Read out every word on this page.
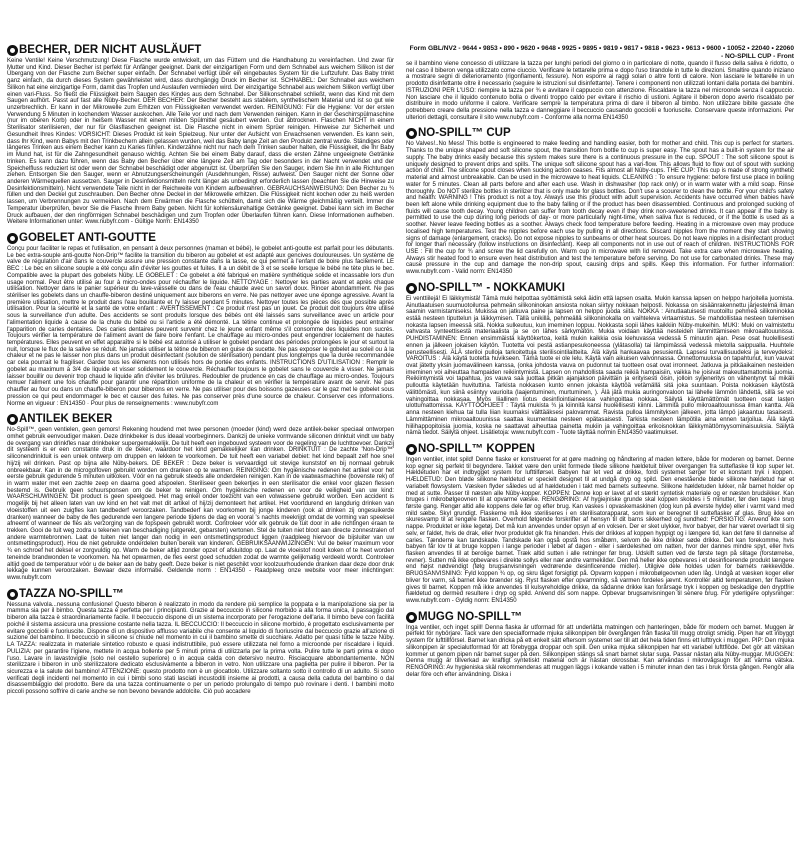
BECHER, DER NICHT AUSLÄUFT

Keine Ventile! Keine Verschmutzung! Diese Flasche wurde entwickelt, um das Füttern und die Handhabung zu vereinfachen. Und zwar für Mutter und Kind. Dieser Becher ist perfekt für Anfänger geeignet. Dank der einzigartigen Form und dem Schnabel aus weichem Silikon ist der Übergang von der Flasche zum Becher super einfach. Der Schnabel verfügt über ein eingebautes System für die Luftzufuhr. Das Baby trinkt ganz einfach, da durch dieses System gewährleistet wird, dass durchgängig Druck im Becher ist. SCHNABEL: Der Schnabel aus weichem Silikon hat eine einzigartige Form, damit das Tropfen und Auslaufen vermieden wird. Der einzigartige Schnabel aus weichem Silikon verfügt über einen vari-Fluss. So fließt die Flüssigkeit beim Saugen des Kindes aus dem Schnabel. Der Silikonschnabel schließt, wenn das Kind mit dem Saugen aufhört. Passt auf fast alle Nûby-Becher. DER BECHER: Der Becher besteht aus stabilem, synthetischem Material und ist so gut wie unzerbrechlich. Er kann in der Mikrowelle zum Erhitzen von Flüssigkeiten verwendet werden. REINIGUNG: Für die Hygiene: Vor der ersten Verwendung 5 Minuten in kochendem Wasser auskochen. Alle Teile vor und nach dem Verwenden reinigen. Kann in der Geschirrspülmaschine (nur im oberen Korb) oder in heißem Wasser mit einem milden Spülmittel gesäubert werden. Gut abtrocknen. Flaschen NICHT in einem Sterilisator sterilisieren, der nur für Glasflaschen geeignet ist. Die Flasche nicht in einem Sprüer reinigen. Hinweise zur Sicherheit und Gesundheit Ihres Kindes: VORSICHT: Dieses Produkt ist kein Spielzeug. Nur unter der Aufsicht von Erwachsenen verwenden. Es kann sein, dass Ihr Kind, wenn Babys mit den Trinkbechern allein gelassen wurden, weil das Baby lange Zeit an den Produkt zentral wurde. Ständiges oder längeres Trinken aus einem Becher kann zu Karies führen. Kinderzähne nicht nur nach dem Trinken sauber halten, die Flüssigkeit, die Ihr Baby im Mund hat, ist für die Zahngesundheit genauso wichtig. Achten Sie bei einem Baby darauf, dass die ersten Zähne ungeeignete Getränke trinken. Es kann dazu führen, wenn das Baby den Becher über eine längere Zeit am Tag oder besonders in der Nacht verwendet und der Speichelfluss reduziert ist oder wenn der Schnabel beschädigt oder abgenutzt ist. Überprüfen Sie den Sauger, indem Sie ihn in alle Richtungen ziehen. Entsorgen Sie den Sauger, wenn er Abnutzungserscheinungen (Ausdehnungen, Risse) aufweist. Den Sauger nicht der Sonne oder anderen Wärmequellen aussetzen. Sauger in Desinfektionsmitteln nicht länger als unbedingt erforderlich lassen (beachten Sie die Hinweise zu Desinfektionsmitteln). Nicht verwendete Teile nicht in der Reichweite von Kindern aufbewahren. GEBRAUCHSANWEISUNG: Den Becher zu ¾ füllen und den Deckel gut zuschrauben. Den Becher ohne Deckel in der Mikrowelle erhitzen. Die Flüssigkeit nicht kochen oder zu heiß werden lassen, um Verbrennungen zu vermeiden. Nach dem Erwärmen die Flasche schütteln, damit sich die Wärme gleichmäßig verteilt. Immer die Temperatur überprüfen, bevor Sie die Flasche Ihrem Baby geben. Nicht für kohlensäurehaltige Getränke geeignet. Dabei kann sich im Becher Druck aufbauen, der den ringförmigen Schnabel beschädigen und zum Tropfen oder Überlaufen führen kann. Diese Informationen aufheben. Weitere Informationen unter: www.nubyfr.com - Gültige Norm: EN14350

GOBELET ANTI-GOUTTE

Conçu pour faciliter le repas et l'utilisation, en pensant à deux personnes (maman et bébé), le gobelet anti-goutte est parfait pour les débutants. Le bec extra-souple anti-goutte Non-Drip™ facilite la transition du biberon au gobelet et est adapté aux gencives douloureuses. Un système de valve de régulation d'air dans le couvercle assure une pression constante dans la tasse, ce qui permet à l'enfant de boire plus facilement. LE BEC : Le bec en silicone souple a été conçu afin d'éviter les gouttes et fuites. Il a un débit de 3 et se scelle lorsque le bébé ne tète plus le bec. Compatible avec la plupart des gobelets Nûby. LE GOBELET : Ce gobelet a été fabriqué en matière synthétique solide et incassable lors d'un usage normal. Peut être utilisé au four à micro-ondes pour réchauffer le liquide. NETTOYAGE : Nettoyer les parties avant et après chaque utilisation. Nettoyer dans le panier supérieur du lave-vaisselle ou dans de l'eau chaude avec un savon doux. Rincer abondamment. Ne pas stériliser les gobelets dans un chauffe-biberon destiné uniquement aux biberons en verre. Ne pas nettoyer avec une éponge agressive. Avant la première utilisation, mettre le produit dans l'eau bouillante et l'y laisser pendant 5 minutes. Nettoyer toutes les pièces dès que possible après utilisation. Pour la sécurité et la santé de votre enfant : AVERTISSEMENT : Ce produit n'est pas un jouet. Ce produit doit toujours être utilisé sous la surveillance d'un adulte. Des accidents se sont produits lorsque des bébés ont été laissés sans surveillance avec un article pour l'alimentation liquide à cause de la chute du bébé ou si l'article a été démonté. La tétine continue et prolongée de liquides peut entraîner l'apparition de caries dentaires. Des caries dentaires peuvent survenir chez le jeune enfant même s'il consomme des liquides non sucrés. Toujours vérifier la température de l'aliment avant de faire boire l'enfant. Le chauffage au micro-ondes peut engendrer localement de hautes températures. Elles peuvent en effet apparaître si le bébé est autorisé à utiliser le gobelet pendant des périodes prolongées le jour et surtout la nuit, lorsque le flux de la salive se réduit. Ne jamais utiliser la tétine de biberon en guise de sucette. Ne pas exposer le gobelet au soleil ou à la chaleur et ne pas le laisser non plus dans un produit désinfectant (solution de stérilisation) pendant plus longtemps que la durée recommandée car cela pourrait le fragiliser. Garder tous les éléments non utilisés hors de portée des enfants. INSTRUCTIONS D'UTILISATION : Remplir le gobelet au maximum à 3/4 de liquide et visser solidement le couvercle. Réchauffer toujours le gobelet sans le couvercle à visser. Ne jamais laisser bouillir ou devenir trop chaud le liquide afin d'éviter les brûlures. Redoubler de prudence en cas de chauffage au micro-ondes. Toujours remuer l'aliment une fois chauffé pour garantir une répartition uniforme de la chaleur et en vérifier la température avant de servir. Ne pas chauffer au four ou dans un chauffe-biberon pour biberons en verre. Ne pas utiliser pour des boissons gazeuses car le gaz met le gobelet sous pression ce qui peut endommager le bec et causer des fuites. Ne pas conserver près d'une source de chaleur. Conserver ces informations. Norme en vigueur : EN14350 · Pour plus de renseignements : www.nubyfr.com

ANTILEK BEKER

No-Spill™, geen ventielen, geen gemors! Rekening houdend met twee personen (moeder (kind) werd deze antilek-beker speciaal ontworpen omhet gebruik eenvoudiger maken. Deze drinkbeker is dus ideaal voorbeginners. Dankzij de unieke vormvande siliconen drinktuit vindt uw baby de overgang van drinkfles naar drinkbeker supergemakkelijk. De tuit heeft een ingebouwd systeem voor de regeling van de luchttoevoer. Dankzij dit systeem is er een constante druk in de beker, waardoor het kind gemakkelijker kan drinken. DRINKTUIT : De zachte 'Non-Drip™' siliconendrinktuit is een uniek ontwerp om druppen en lekken te voorkomen. De tuit heeft een variabel debiet: het kind bepaalt zelf hoe snel hij/zij wil drinken. Past op bijna alle Nûby-bekers. DE BEKER : Deze beker is vervaardigd uit stevige kunststof en bij normaal gebruik onbreekbaar. Kan in de microgolfoven gebruikt worden om dranken op te warmen. REINIGING: Om hygiënische redenen het artikel voor het eerste gebruik gedurende 5 minuten uitkoken. Vóór en na gebruik steeds alle onderdelen reinigen. Kan in de vaatwasmachine (bovenste rek) of in warm water met een zachte zeep en daarna goed afspoelen. Steriliseer geen bekertjes in een sterilisator die enkel voor glazen flessen bestemd is. Gebruik geen schuursponsen om de beker te reinigen. Om hygiënische redenen en voor de veiligheid van uw kind: WAARSCHUWINGEN: Dit product is geen speelgoed. Het mag enkel onder toezicht van een volwassene gebruikt worden. Een accident is mogelijk bij het alleen laten van uw kind en het valt met dit artikel of hij/zij demonteert het artikel. Het voortdurend en langdurig drinken van vloeistoffen uit een zuigfles kan tandbederf veroorzaken. Tandbederf kan voorkomen bij jonge kinderen (ook al drinken zij ongesuikerde dranken) wanneer de baby de fles gedurende een langere periode tijdens de dag en vooral 's nachts meekrijgt omdat de vorming van speeksel afneemt of wanneer de fles als verzorging van de fopspeen gebruikt wordt. Controleer vóór elk gebruik de tuit door in alle richtingen eraan te trekken. Gooi de tuit weg zodra u tekenen van beschadiging (uitgerekt, gebarsten) vertonen. Stel de tuiten niet bloot aan directe zonnestralen of andere warmtebronnen. Laat de tuiten niet langer dan nodig in een ontsmettingsproduct liggen (raadpleeg hiervoor de bijsluiter van uw ontsmettingsproduct). Hou de niet gebruikte onderdelen buiten bereik van kinderen. GEBRUIKSAANWIJZINGEN: Vul de beker maximum voor ¾ en schroef het deksel er zorgvuldig op. Warm de beker altijd zonder opzet of afsluitdop op. Laat de vloeistof nooit koken of te heet worden teneinde brandwonden te voorkomen. Na het opwarmen, de fles eerst goed schudden zodat de warmte gelijkmatig verdeeld wordt. Controleer altijd goed de temperatuur vóór u de beker aan de baby geeft. Deze beker is niet geschikt voor koolzuurhoudende dranken daar deze door druk lekkage kunnen veroorzaken. Bewaar deze informatie. Geldende norm : EN14350 - Raadpleeg onze website voor meer inlichtingen: www.nubyfr.com

TAZZA NO-SPILL™

Nessuna valvola...nessuna confusione! Questo biberon è realizzato in modo da rendere più semplice la poppata e la manipolazione sia per la mamma sia per il bimbo. Questa tazza è perfetta per i principianti. Grazie al beccuccio in silicone morbido a alla forma unica, il passaggio dal biberon alla tazza è straordinariamente facile. Il beccuccio dispone di un sistema incorporato per l'erogazione dell'aria. Il bimbo beve con facilità poiché il sistema assicura una pressione costante nella tazza. IL BECCUCCIO: Il beccuccio in silicone morbido, è progettato esclusivamente per evitare gocciolii e fuoriuscite. Dispone di un dispositivo afflusso variabile che consente al liquido di fuoriuscire dal beccuccio grazie all'azione di suzione del bambino. Il beccuccio in silicone si chiude nel momento in cui il bambino smette di succhiare. Adatto per quasi tutte le tazze Nûby. LA TAZZA: realizzata in materiale sintetico robusto e quasi indistruttibile, può essere utilizzata nel forno a microonde per riscaldare i liquidi. PULIZIA: per garantire l'igiene, mettete in acqua bollente per 5 minuti prima di utilizzarla per la prima volta. Pulire tutte le parti prima e dopo l'uso. Lavare in lavastoviglie (solo nel cestello superiore) o in acqua calda con detersivo neutro. Risciacquare abbondantemente. NON sterilizzare i biberon in uno sterilizzatore dedicato esclusivamente a biberon in vetro. Non utilizzare una paglietta per pulire il biberon. Per la sicurezza e la salute del bambino! ATTENZIONE: questo prodotto non è un giocattolo. Utilizzare soltanto sotto il controllo di un adulto. Si sono verificati degli incidenti nel momento in cui i bimbi sono stati lasciati incustoditi insieme ai prodotti, a causa della caduta del bambino o dal disassemblaggio del prodotto. Bere da una tazza continuamente o per un periodo prolungato di tempo può rovinare i denti. I bambini molto piccoli possono soffrire di carie anche se non bevono bevande addolcite. Ciò può accadere

Form GBL/NV2 - 9644 • 9853 • 890 • 9620 • 9648 • 9925 • 9895 • 9819 • 9817 • 9818 • 9623 • 9613 • 9600 • 10052 • 22040 • 22060 - NO-SPILL CUP - Front

se il bambino viene concesso di utilizzare la tazza per lunghi periodi del giorno o in particolare di notte, quando il flusso della saliva è ridotto, o nel caso il biberon venga utilizzato come ciuccio. Verificare le tettarelle prima e dopo l'uso tirandole in tutte le direzioni. Smaltire quando iniziano a mostrare segni di deterioramento (rigonfiamenti, fessure). Non esporre ai raggi solari o altre fonti di calore. Non lasciare le tettarelle in un prodotto disinfettante oltre il necessario (seguire le istruzioni sul disinfettante). Tenere i componenti non utilizzati lontani dalla portata dei bambini. ISTRUZIONI PER L'USO: riempire la tazza per ¾ e avvitare il cappuccio con attenzione. Riscaldare la tazza nel microonde senza il cappuccio. Non lasciare che il liquido contenuto bolla o diventi troppo caldo per evitare il rischio di ustioni. Agitare il biberon dopo averlo riscaldato per distribuire in modo uniforme il calore. Verificare sempre la temperatura prima di dare il biberon al bimbo. Non utilizzare bibite gassate che potrebbero creare della pressione nella tazza e danneggiare il beccuccio causando gocciolii e fuoriuscite. Conservare queste informazioni. Per ulteriori dettagli, consultare il sito www.nubyfr.com - Conforme alla norma EN14350

NO-SPILL™ CUP

No Valves!..No Mess! This bottle is engineered to make feeding and handling easier, both for mother and child. This cup is perfect for starters. Thanks to the unique shaped and soft silicone spout, the transition from bottle to cup is super easy. The spout has a built-in system for the air supply. The baby drinks easily because this system makes sure there is a continuous pressure in the cup. SPOUT : The soft silicone spout is uniquely designed to prevent drips and spills. The unique soft silicone spout has a vari-flow. This allows fluid to flow out of spout with sucking action of child. The silicone spout closes when sucking action ceases. Fits almost all Nûby-cups. THE CUP: This cup is made of strong synthetic material and almost unbreakable. Can be used in the microwave to heat liquids. CLEANING : To ensure hygiene: before first use place in boiling water for 5 minutes. Clean all parts before and after each use. Wash in dishwasher (top rack only) or in warm water with a mild soap. Rinse thoroughly. Do NOT sterilize bottles in sterilizer that is only made for glass bottles. Don't use a scourer to clean the bottle. For your child's safety and health: WARNING ! This product is not a toy. Always use this product with adult supervision. Accidents have occurred when babies have been left alone while drinking equipment due to the baby falling or if the product has been disassembled. Continuous and prolonged sucking of fluids will cause tooth decay. Young children can suffer from tooth decay even if they drink non-sweetened drinks. It can appear if the baby is permitted to use the cup during long periods of day- or more particularly night-time, when saliva flux is reduced, or if the bottle is used as a soother. Never leave feeding bottles as a soother. Always check food temperature before feeding. Heating in a microwave oven may produce localised high temperatures. Test the nipples before each use by pulling in all directions. Discard nipples from the moment they start showing signs of damage (enlargement, cracks). Do not expose nipples to sunbeams or other heat sources. Do not leave nipples in a disinfectant product for longer than necessary (follow instructions on disinfectant). Keep all components not in use out of reach of children. INSTRUCTIONS FOR USE : Fill the cup for ¾ and screw the lid carefully on. Warm cup in microwave with lid removed. Take extra care when microwave heating. Always stir heated food to ensure even heat distribution and test the temperature before serving. Do not use for carbonated drinks. These may cause pressure in the cup and damage the non-drip spout, causing drips and spills. Keep this information. For further information: www.nubyfr.com - Valid norm: EN14350

NO-SPILL™ - NOKKAMUKI

Ei venttiilejä! Ei läikkymistä! Tämä muki helpottaa syöttämistä sekä äidin että lapsen osalta. Mukin kanssa lapsen on helppo harjoitella juomista. Ainutlaatuisen suumuotoilunsa pehmeän silikoninokan ansiosta nokan siirtyy nokkaan helposti. Nokassa on sisäänrakennettu järjestelmä ilman saamin varmistamiseksi. Mukissa on jatkuva paine ja lapsen on helppo juoda siitä. NOKKA : Ainutlaatuisesti muotoiltu pehmeä silikoninokka estää nesteen tiputtelun ja läikkymisen. Tällä unikillä, pehmeällä silikoninokalla on vaihteleva virtaamistus. Se mahdollistaa nesteen tulemisen nokasta lapsen imeessä sitä. Nokka sulkeutuu, kun imeminen loppuu. Nokkasta sopii lähes kaikkiin Nûby-mukeihin. MUKI: Muki on valmistettu vahvasta synteettisestä materiaalista ja se on lähes särkymätön. Mukia voidaan käyttää nesteiden lämmittämiseen mikroaaltouunissa. PUHDISTAMINEN: Ennen ensimmäistä käyttökertoa, keitä mukin kaikkia osia kiehuvassa vedessä 5 minuutin ajan. Pese osat huolellisesti ennen ja jälkeen jokaisen käytön. Tuotetta voi pestä astianpesukoneessa (ylätasolla) tai lämpimässä vedessä mietolla saippualla. Huuhtele perusteellisesti. ÄLÄ steriloi pulloja tarkoitettuja sterilisointilaitteita. Älä käytä hankaavaa pesusientä. Lapsesi turvallisuudeksi ja terveydeksi: VAROITUS : Älä käytä tuotetta huvikseen. Tämä tuote ei ole lelu. Käytä vain aikuisen valvonnassa. Onnettomuuksia on tapahtunut, kun vauvat ovat jätetty yksin juomavälineen kanssa, (onka johdosta vauva on pudonnut tai tuotteen osat ovat irronneet. Jatkuva ja pitkäaikainen nesteiden imeminen voi aiheuttaa hampaiden reikiintymistä. Lapsen on mahdollista saada reikiä hampaisiin, vaikka he joisivat makeuttamattomia juomia. Reikiintymistä voi tapahtua, jos vauva saa juottaa pitkän ajanjakson päivittäin ja erityisesti öisin, jolloin syljeneritys on vähentynyt tai mikäli pulloutta käytetään huvituttina. Tarkista nokkasen kunto ennen jokaista käyttöä vetämällä sitä joka suuntaan. Poista nokkasen käytöstä välittömästi, kun siinä esiintyy vaurioita (laajentuminen, murtuminen, ). Älä jätä mukia auringonvaloon tai lähelle lämmön lähdettä, sillä se voi vahingoittaa nokkasaa. Myös liiallinen liotus desinfiointiaineessa vahingoittaa nokkaa. Säilytä käyttämättömät tuotteen osat lasten ulottumattomissa. KÄYTTÖOHJEET : Täytä mukista ¾ ja kiinnitä kansi huolellisesti kiinni. Lämmitä pullo mikroaaltouunissa ilman kantta. Älä anna nesteen kiehua tai tulla liian kuumaksi välttääksesi palovammat. Ravista pulloa lämmityksen jälkeen, jotta lämpö jakaantuu tasaisesti. Lämmittäminen mikroaaltouunissa saattaa kuumentaa nesteen epätasaisesti. Tarkista nesteen lämpötila aina ennen tarjoilua. Älä käytä hiilihappopitoisia juomia, koska ne saattavat aiheuttaa painetta mukiin ja vahingoittaa erikoisnokkan läikkymättömyysominaisuuksia. Säilytä nämä tiedot. Säilytä ohjeet. Lisätietoja: www.nubyfr.com - Tuote täyttää normin EN14350 vaatimukset.

NO-SPILL™ KOPPEN

Ingen ventiler, intet spild! Denne flaske er konstrueret for at gøre madning og håndtering af maden lettere, både for moderen og barnet. Denne kop egner sig perfekt til begyndere. Takket være den unikt formede tilede silikone hældetuit bliver overgangen fra sutteflaske til kop super let. Hældetuden har et indbygget system for lufttilførsel. Babyen har let ved at drikke, fordi systemet sørger for et konstant tryk i koppen. HÆLDETUD: Den bløde silikone hældetud er specielt designet til at undgå dryp og spild. Den enestående bløde silikone hældetud har et variabelt flowsystem. Væsken flyder således ud af hældetuden i takt med barnets sutteevne. Silikone hældetuden lukker, når barnet holder op med at sutte. Passer til næsten alle Nûby-kopper. KOPPEN: Denne kop er lavet af et stærkt syntetisk materiale og er næsten brudsikker. Kan bruges i mikrobølgeovnen til at opvarme væske. RENGØRING: Af hygiejniske grunde skal koppen skoldes i 5 minutter, før den tages i brug første gang. Rengør altid alle koppens dele før og efter brug. Kan vaskes i opvaskemaskinen (dog kun på øverste hylde) eller i varmt vand med mild sæbe. Skyl grundigt. Flaskerne må ikke steriliseres i en sterilisatorapparat, som kun er beregnet til sutteflasker af glas. Brug ikke en skuresvamp til at rengøre flasken. Overhold følgende forskrifter af hensyn til dit barns sikkerhed og sundhed: FORSIGTIG: Anvend ikte som nappe. Produktet er ikke legetøj. Det må kun anvendes under opsyn af en voksen. Der er sket ulykker, hvor babyer, der har været overladt til sig selv, er faldet, hvis de drak, eller hvor produktet gik fra hinanden. Hvis der drikkes af koppen hyppigt og i længere tid, kan det føre til dannelse af caries. Tænderne kan tandskade. Tandskade kan også opstå hos småbørn, selvom de ikke drikker søde drikke. Det kan forekomme, hvis babyen får lov til at bruge koppen i lange perioder i løbet af dagen - eller i særdeleshed om natten, hvor der dannes mindre spyt, eller hvis flasken anvendes til at berolige barnet. Træk altid sutten i alle retninger før brug. Udskift sutten ved de første tegn på slitage (forstørrelse, revner). Sutten må ikke opbevares i direkte sollys eller nær andre varmekilder. Den må heller ikke opbevares i et desinficerende produkt længere end højst nødvendigt (følg brugsanvisningen vedrørende desinficerende midler). Utilgive dele holdes uden for barnets rækkevidde. BRUGSANVISNING: Fyld koppen ¾ op, og skru låget forsigtigt på. Opvarm koppen i mikrobølgeovnen uden låg. Undgå at væsken koger eller bliver for varm, så barnet ikke brænder sig. Ryst flasken efter opvarmning, så varmen fordeles jævnt. Kontrollér altid temperaturen, før flasken gives til barnet. Koppen må ikke anvendes til kulsyreholdige drikke, da sådanne drikke kan forårsage tryk i koppen og beskadige den dryptfrie hældetud og dermed resultere i dryp og spild. Anvend dis som nappe. Opbevar brugsanvisningen til senere brug. For yderligere oplysninger: www.nubyfr.com - Gyldig norm: EN14350

MUGG NO-SPILL™

Inga ventiler, och inget spill! Denna flaska är utformad för att underlätta matningen och hanteringen, både för modern och barnet. Muggen är perfekt för nybörjare. Tack vare den specialformade mjuka silikonpipen blir övergången från flaska till mugg otroligt smidig. Pipen har ett inbyggt system för lufttillförsel. Barnet kan dricka på ett enkelt sätt eftersom systemet ser till att det hela tiden finns ett lufttryck i muggen. PIP: Den mjuka silikonpipen är specialutformad för att förebygga droppar och spill. Den unika mjuka silikonpipen har ett variabel lufttflöde. Det gör att vätskan kommer ut genom pipen när barnet suger på den. Silikonpipen stängs så snart barnet slutar suga. Passar nästan alla Nûby-muggar. MUGGEN: Denna mugg är tillverkad av kraftigt syntetiskt material och är nästan okrossbar. Kan användas i mikrovågsugn för att värma vätska. RENGÖRING: Av hygieniska skäl rekommenderas att muggen läggs i kokande vatten i 5 minuter innan den tas i bruk första gången. Rengör alla delar före och efter användning. Diska i
